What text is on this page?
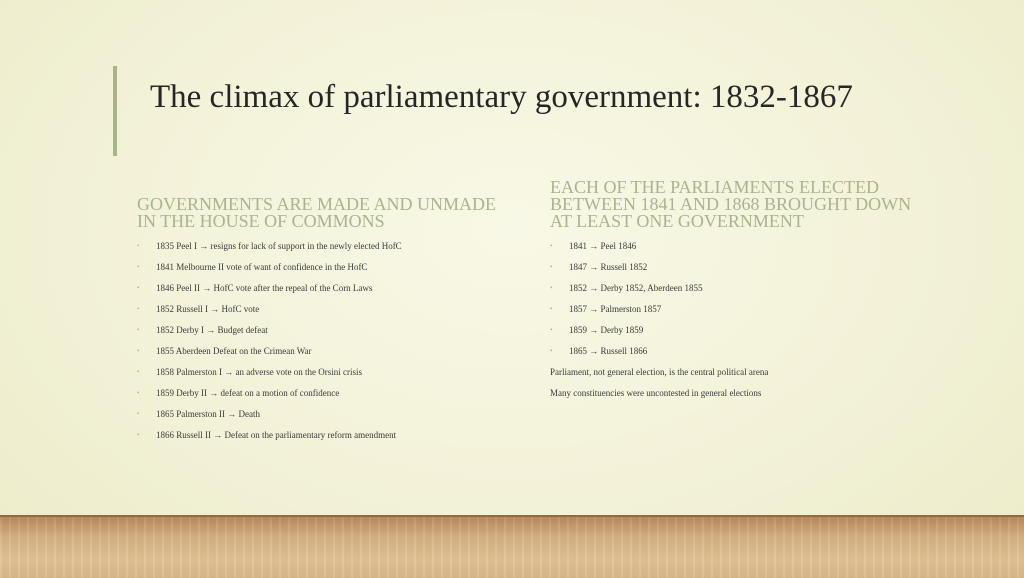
The climax of parliamentary government: 1832-1867
GOVERNMENTS ARE MADE AND UNMADE IN THE HOUSE OF COMMONS
EACH OF THE PARLIAMENTS ELECTED BETWEEN 1841 AND 1868 BROUGHT DOWN AT LEAST ONE GOVERNMENT
• 1835 Peel I → resigns for lack of support in the newly elected HofC
• 1841 Melbourne II vote of want of confidence in the HofC
• 1846 Peel II → HofC vote after the repeal of the Corn Laws
• 1852 Russell I → HofC vote
• 1852 Derby I → Budget defeat
• 1855 Aberdeen Defeat on the Crimean War
• 1858 Palmerston I → an adverse vote on the Orsini crisis
• 1859 Derby II → defeat on a motion of confidence
• 1865 Palmerston II → Death
• 1866 Russell II → Defeat on the parliamentary reform amendment
• 1841 → Peel 1846
• 1847 → Russell 1852
• 1852 → Derby 1852, Aberdeen 1855
• 1857 → Palmerston 1857
• 1859 → Derby 1859
• 1865 → Russell 1866
Parliament, not general election, is the central political arena
Many constituencies were uncontested in general elections
